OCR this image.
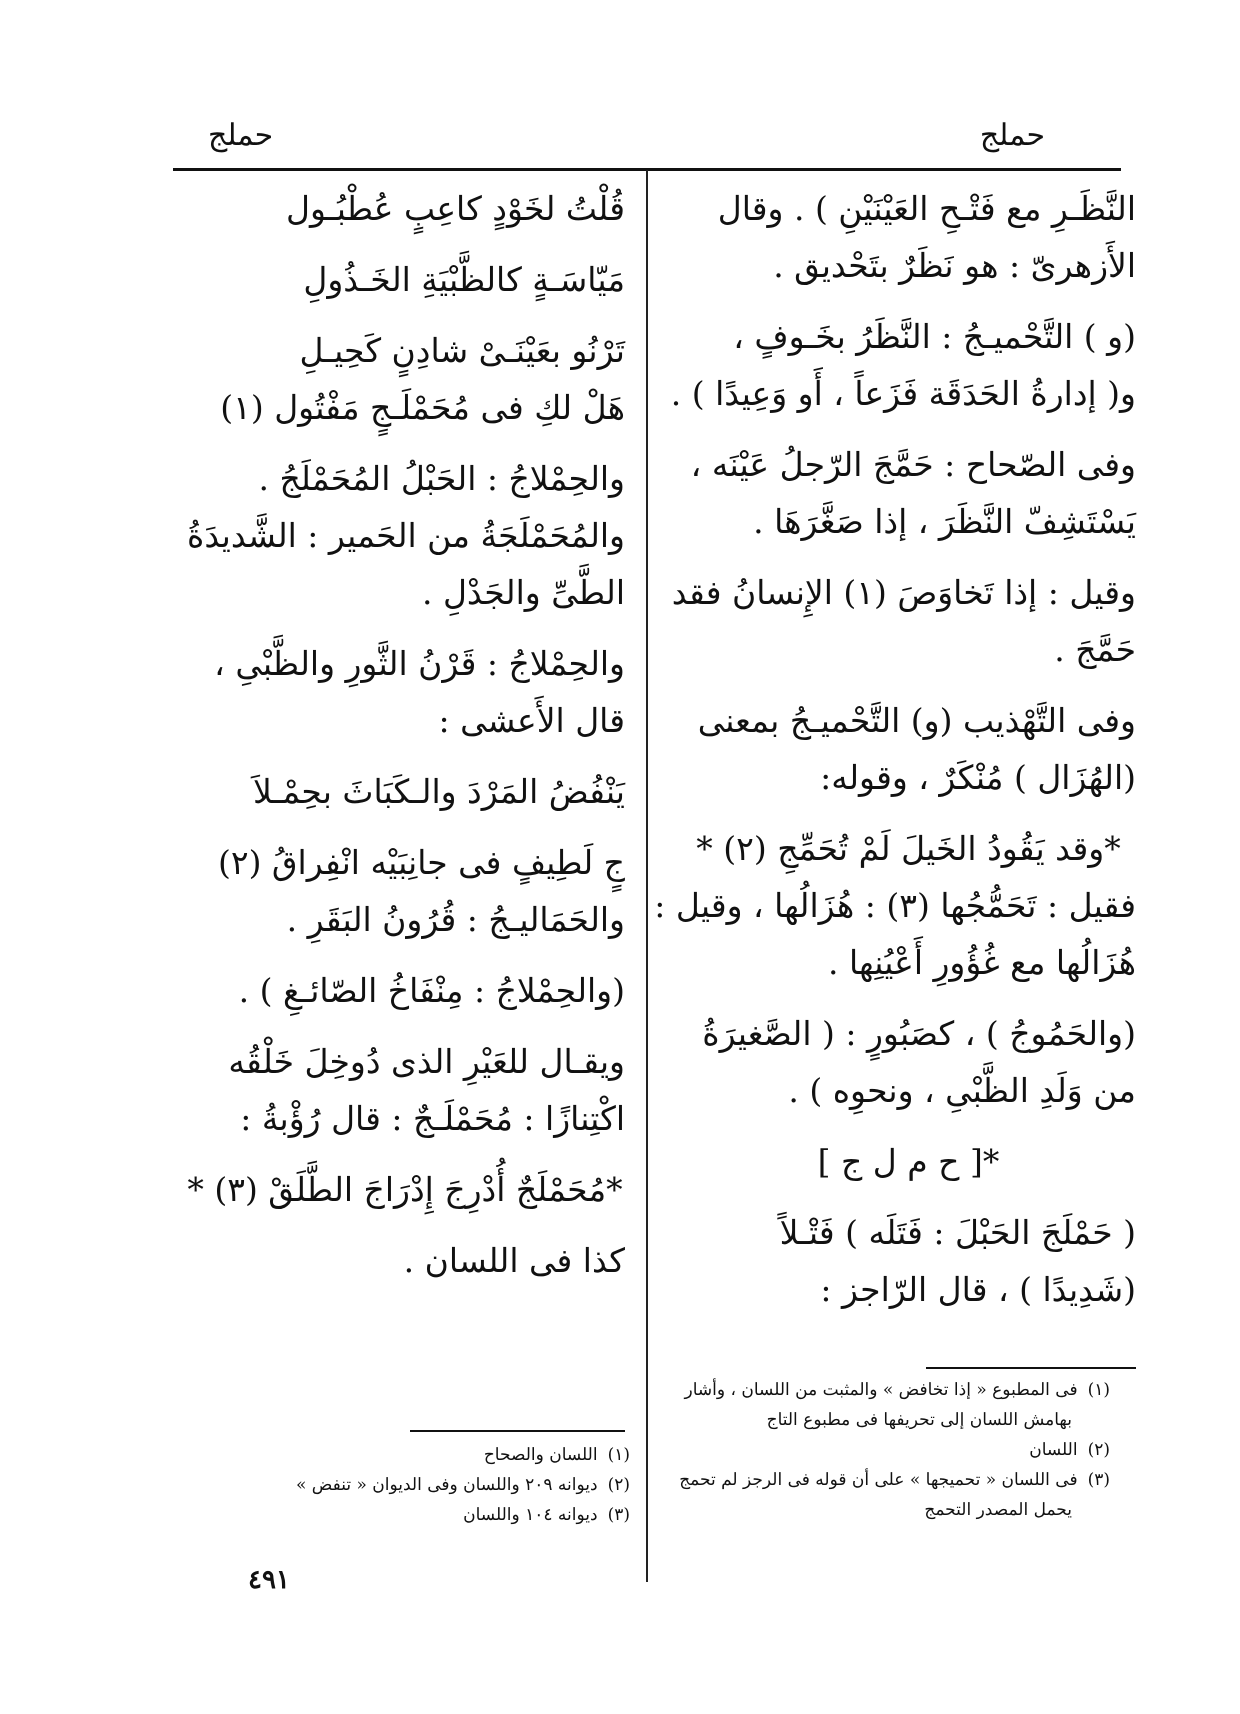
حملج
حملج
النَّظَـرِ مع فَتْـحِ العَيْنَيْنِ ) . وقال
الأَزهرىّ : هو نَظَرٌ بتَحْديق .
(و ) التَّحْميـجُ : النَّظَرُ بخَـوفٍ ،
و( إدارةُ الحَدَقَة فَزَعاً ، أَو وَعِيدًا ) .
وفى الصّحاح : حَمَّجَ الرّجلُ عَيْنَه ،
يَسْتَشِفّ النَّظَرَ ، إذا صَغَّرَهَا .
وقيل : إذا تَخاوَصَ (١) الإِنسانُ فقد
حَمَّجَ .
وفى التَّهْذيب (و) التَّحْميـجُ بمعنى
(الهُزَال ) مُنْكَرٌ ، وقوله:
*وقد يَقُودُ الخَيلَ لَمْ تُحَمِّجِ (٢) *
فقيل : تَحَمُّجُها (٣) : هُزَالُها ، وقيل :
هُزَالُها مع غُؤُورِ أَعْيُنِها .
(والحَمُوجُ ) ، كصَبُورٍ : ( الصَّغيرَةُ
من وَلَدِ الظَّبْىِ ، ونحوِه ) .
*[ ح م ل ج ]
( حَمْلَجَ الحَبْلَ : فَتَلَه ) فَتْـلاً
(شَدِيدًا ) ، قال الرّاجز :
قُلْتُ لخَوْدٍ كاعِبٍ عُطْبُـول
مَيّاسَـةٍ كالظَّبْيَةِ الخَـذُولِ
تَرْنُو بعَيْنَـىْ شادِنٍ كَحِيـلِ
هَلْ لكِ فى مُحَمْلَـجٍ مَفْتُول (١)
والحِمْلاجُ : الحَبْلُ المُحَمْلَجُ .
والمُحَمْلَجَةُ من الحَمير : الشَّديدَةُ
الطَّىِّ والجَدْلِ .
والحِمْلاجُ : قَرْنُ الثَّورِ والظَّبْىِ ،
قال الأَعشى :
يَنْفُضُ المَرْدَ والـكَبَاثَ بحِمْـلاَ
جٍ لَطِيفٍ فى جانِبَيْه انْفِراقُ (٢)
والحَمَاليـجُ : قُرُونُ البَقَرِ .
(والحِمْلاجُ : مِنْفَاخُ الصّائـغِ ) .
ويقـال للعَيْرِ الذى دُوخِلَ خَلْقُه
اكْتِنازًا : مُحَمْلَـجٌ : قال رُؤْبةُ :
*مُحَمْلَجٌ أُدْرِجَ إِدْرَاجَ الطَّلَقْ (٣) *
كذا فى اللسان .
(١)فى المطبوع « إذا تخافض » والمثبت من اللسان ، وأشار
بهامش اللسان إلى تحريفها فى مطبوع التاج
(٢)اللسان
(٣)فى اللسان « تحميجها » على أن قوله فى الرجز لم تحمج
يحمل المصدر التحمج
(١)اللسان والصحاح
(٢)ديوانه ٢٠٩ واللسان وفى الديوان « تنفض »
(٣)ديوانه ١٠٤ واللسان
٤٩١
